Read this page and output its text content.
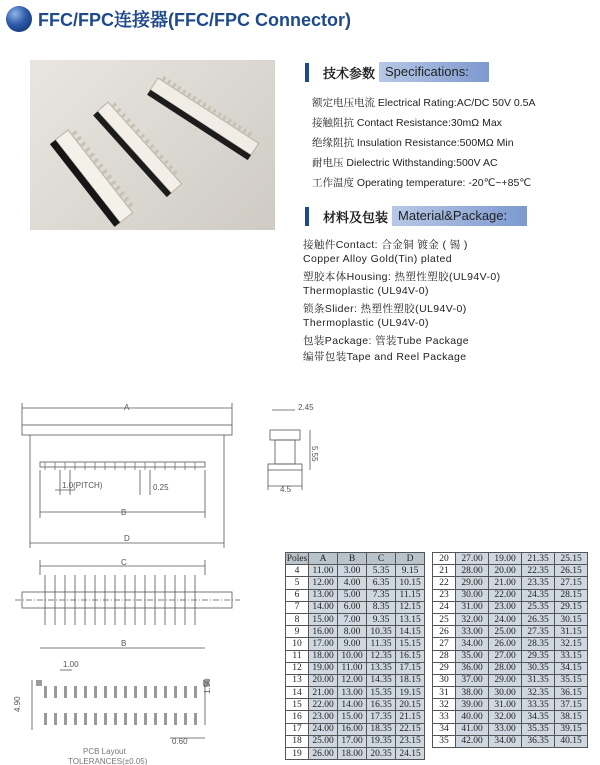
FFC/FPC连接器(FFC/FPC Connector)
技术参数 Specifications:
额定电压电流 Electrical Rating:AC/DC 50V 0.5A
接触阻抗 Contact Resistance:30mΩ Max
绝缘阻抗 Insulation Resistance:500MΩ Min
耐电压 Dielectric Withstanding:500V AC
工作温度 Operating temperature: -20℃~+85℃
材料及包装 Material&Package:
接触件Contact: 合金铜 镀金 ( 锡 )
Copper Alloy Gold(Tin) plated
塑胶本体Housing: 热塑性塑胶(UL94V-0)
Thermoplastic (UL94V-0)
锁条Slider: 热塑性塑胶(UL94V-0)
Thermoplastic (UL94V-0)
包装Package: 管装Tube Package
编带包装Tape and Reel Package
A
1.0(PITCH)	0.25
B
D
2.45
5.55
4.5
C
B
1.00
4.90
1.50
0.60
PCB Layout
TOLERANCES(±0.05)
Poles	A	B	C	D
4	11.00	3.00	5.35	9.15
5	12.00	4.00	6.35	10.15
6	13.00	5.00	7.35	11.15
7	14.00	6.00	8.35	12.15
8	15.00	7.00	9.35	13.15
9	16.00	8.00	10.35	14.15
10	17.00	9.00	11.35	15.15
11	18.00	10.00	12.35	16.15
12	19.00	11.00	13.35	17.15
13	20.00	12.00	14.35	18.15
14	21.00	13.00	15.35	19.15
15	22.00	14.00	16.35	20.15
16	23.00	15.00	17.35	21.15
17	24.00	16.00	18.35	22.15
18	25.00	17.00	19.35	23.15
19	26.00	18.00	20.35	24.15
20	27.00	19.00	21.35	25.15
21	28.00	20.00	22.35	26.15
22	29.00	21.00	23.35	27.15
23	30.00	22.00	24.35	28.15
24	31.00	23.00	25.35	29.15
25	32.00	24.00	26.35	30.15
26	33.00	25.00	27.35	31.15
27	34.00	26.00	28.35	32.15
28	35.00	27.00	29.35	33.15
29	36.00	28.00	30.35	34.15
30	37.00	29.00	31.35	35.15
31	38.00	30.00	32.35	36.15
32	39.00	31.00	33.35	37.15
33	40.00	32.00	34.35	38.15
34	41.00	33.00	35.35	39.15
35	42.00	34.00	36.35	40.15
